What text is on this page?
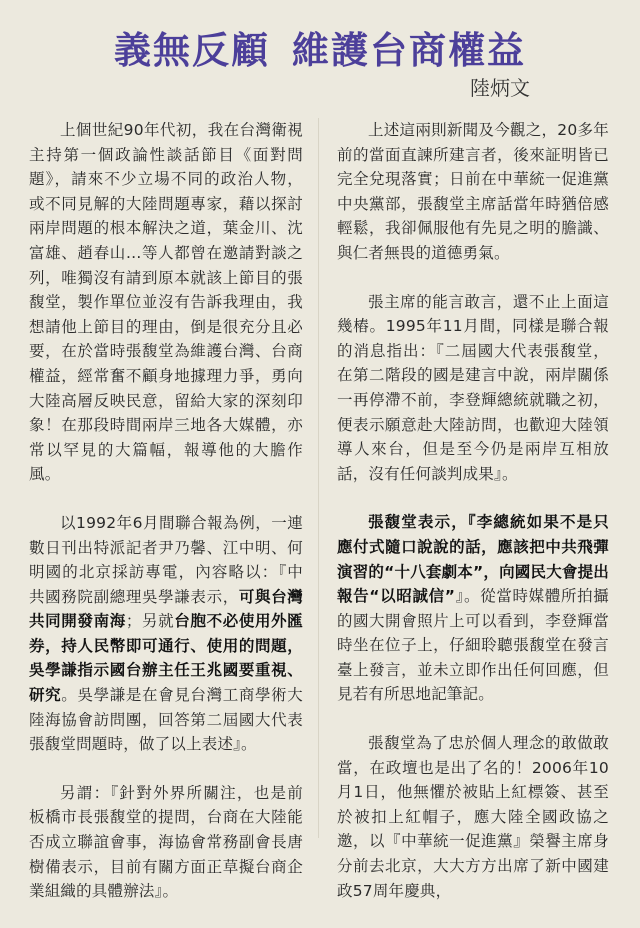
義無反顧 維護台商權益
陸炳文

上個世紀90年代初，我在台灣衛視主持第一個政論性談話節目《面對問題》，請來不少立場不同的政治人物，或不同見解的大陸問題專家，藉以探討兩岸問題的根本解決之道，葉金川、沈富雄、趙春山…等人都曾在邀請對談之列，唯獨沒有請到原本就該上節目的張馥堂，製作單位並沒有告訴我理由，我想請他上節目的理由，倒是很充分且必要，在於當時張馥堂為維護台灣、台商權益，經常奮不顧身地據理力爭，勇向大陸高層反映民意，留給大家的深刻印象！在那段時間兩岸三地各大媒體，亦常以罕見的大篇幅，報導他的大膽作風。

以1992年6月間聯合報為例，一連數日刊出特派記者尹乃馨、江中明、何明國的北京採訪專電，內容略以：『中共國務院副總理吳學謙表示，可與台灣共同開發南海；另就台胞不必使用外匯券，持人民幣即可通行、使用的問題，吳學謙指示國台辦主任王兆國要重視、研究。吳學謙是在會見台灣工商學術大陸海協會訪問團，回答第二屆國大代表張馥堂問題時，做了以上表述』。

另謂：『針對外界所關注，也是前板橋市長張馥堂的提問，台商在大陸能否成立聯誼會事，海協會常務副會長唐樹備表示，目前有關方面正草擬台商企業組織的具體辦法』。

上述這兩則新聞及今觀之，20多年前的當面直諫所建言者，後來証明皆已完全兌現落實；日前在中華統一促進黨中央黨部，張馥堂主席話當年時猶倍感輕鬆，我卻佩服他有先見之明的膽識、與仁者無畏的道德勇氣。

張主席的能言敢言，還不止上面這幾樁。1995年11月間，同樣是聯合報的消息指出：『二屆國大代表張馥堂，在第二階段的國是建言中說，兩岸關係一再停滯不前，李登輝總統就職之初，便表示願意赴大陸訪問，也歡迎大陸領導人來台，但是至今仍是兩岸互相放話，沒有任何談判成果』。

張馥堂表示，『李總統如果不是只應付式隨口說說的話，應該把中共飛彈演習的“十八套劇本”，向國民大會提出報告“以昭誠信”』。從當時媒體所拍攝的國大開會照片上可以看到，李登輝當時坐在位子上，仔細聆聽張馥堂在發言臺上發言，並未立即作出任何回應，但見若有所思地記筆記。

張馥堂為了忠於個人理念的敢做敢當，在政壇也是出了名的！2006年10月1日，他無懼於被貼上紅標簽、甚至於被扣上紅帽子，應大陸全國政協之邀，以『中華統一促進黨』榮譽主席身分前去北京，大大方方出席了新中國建政57周年慶典，
